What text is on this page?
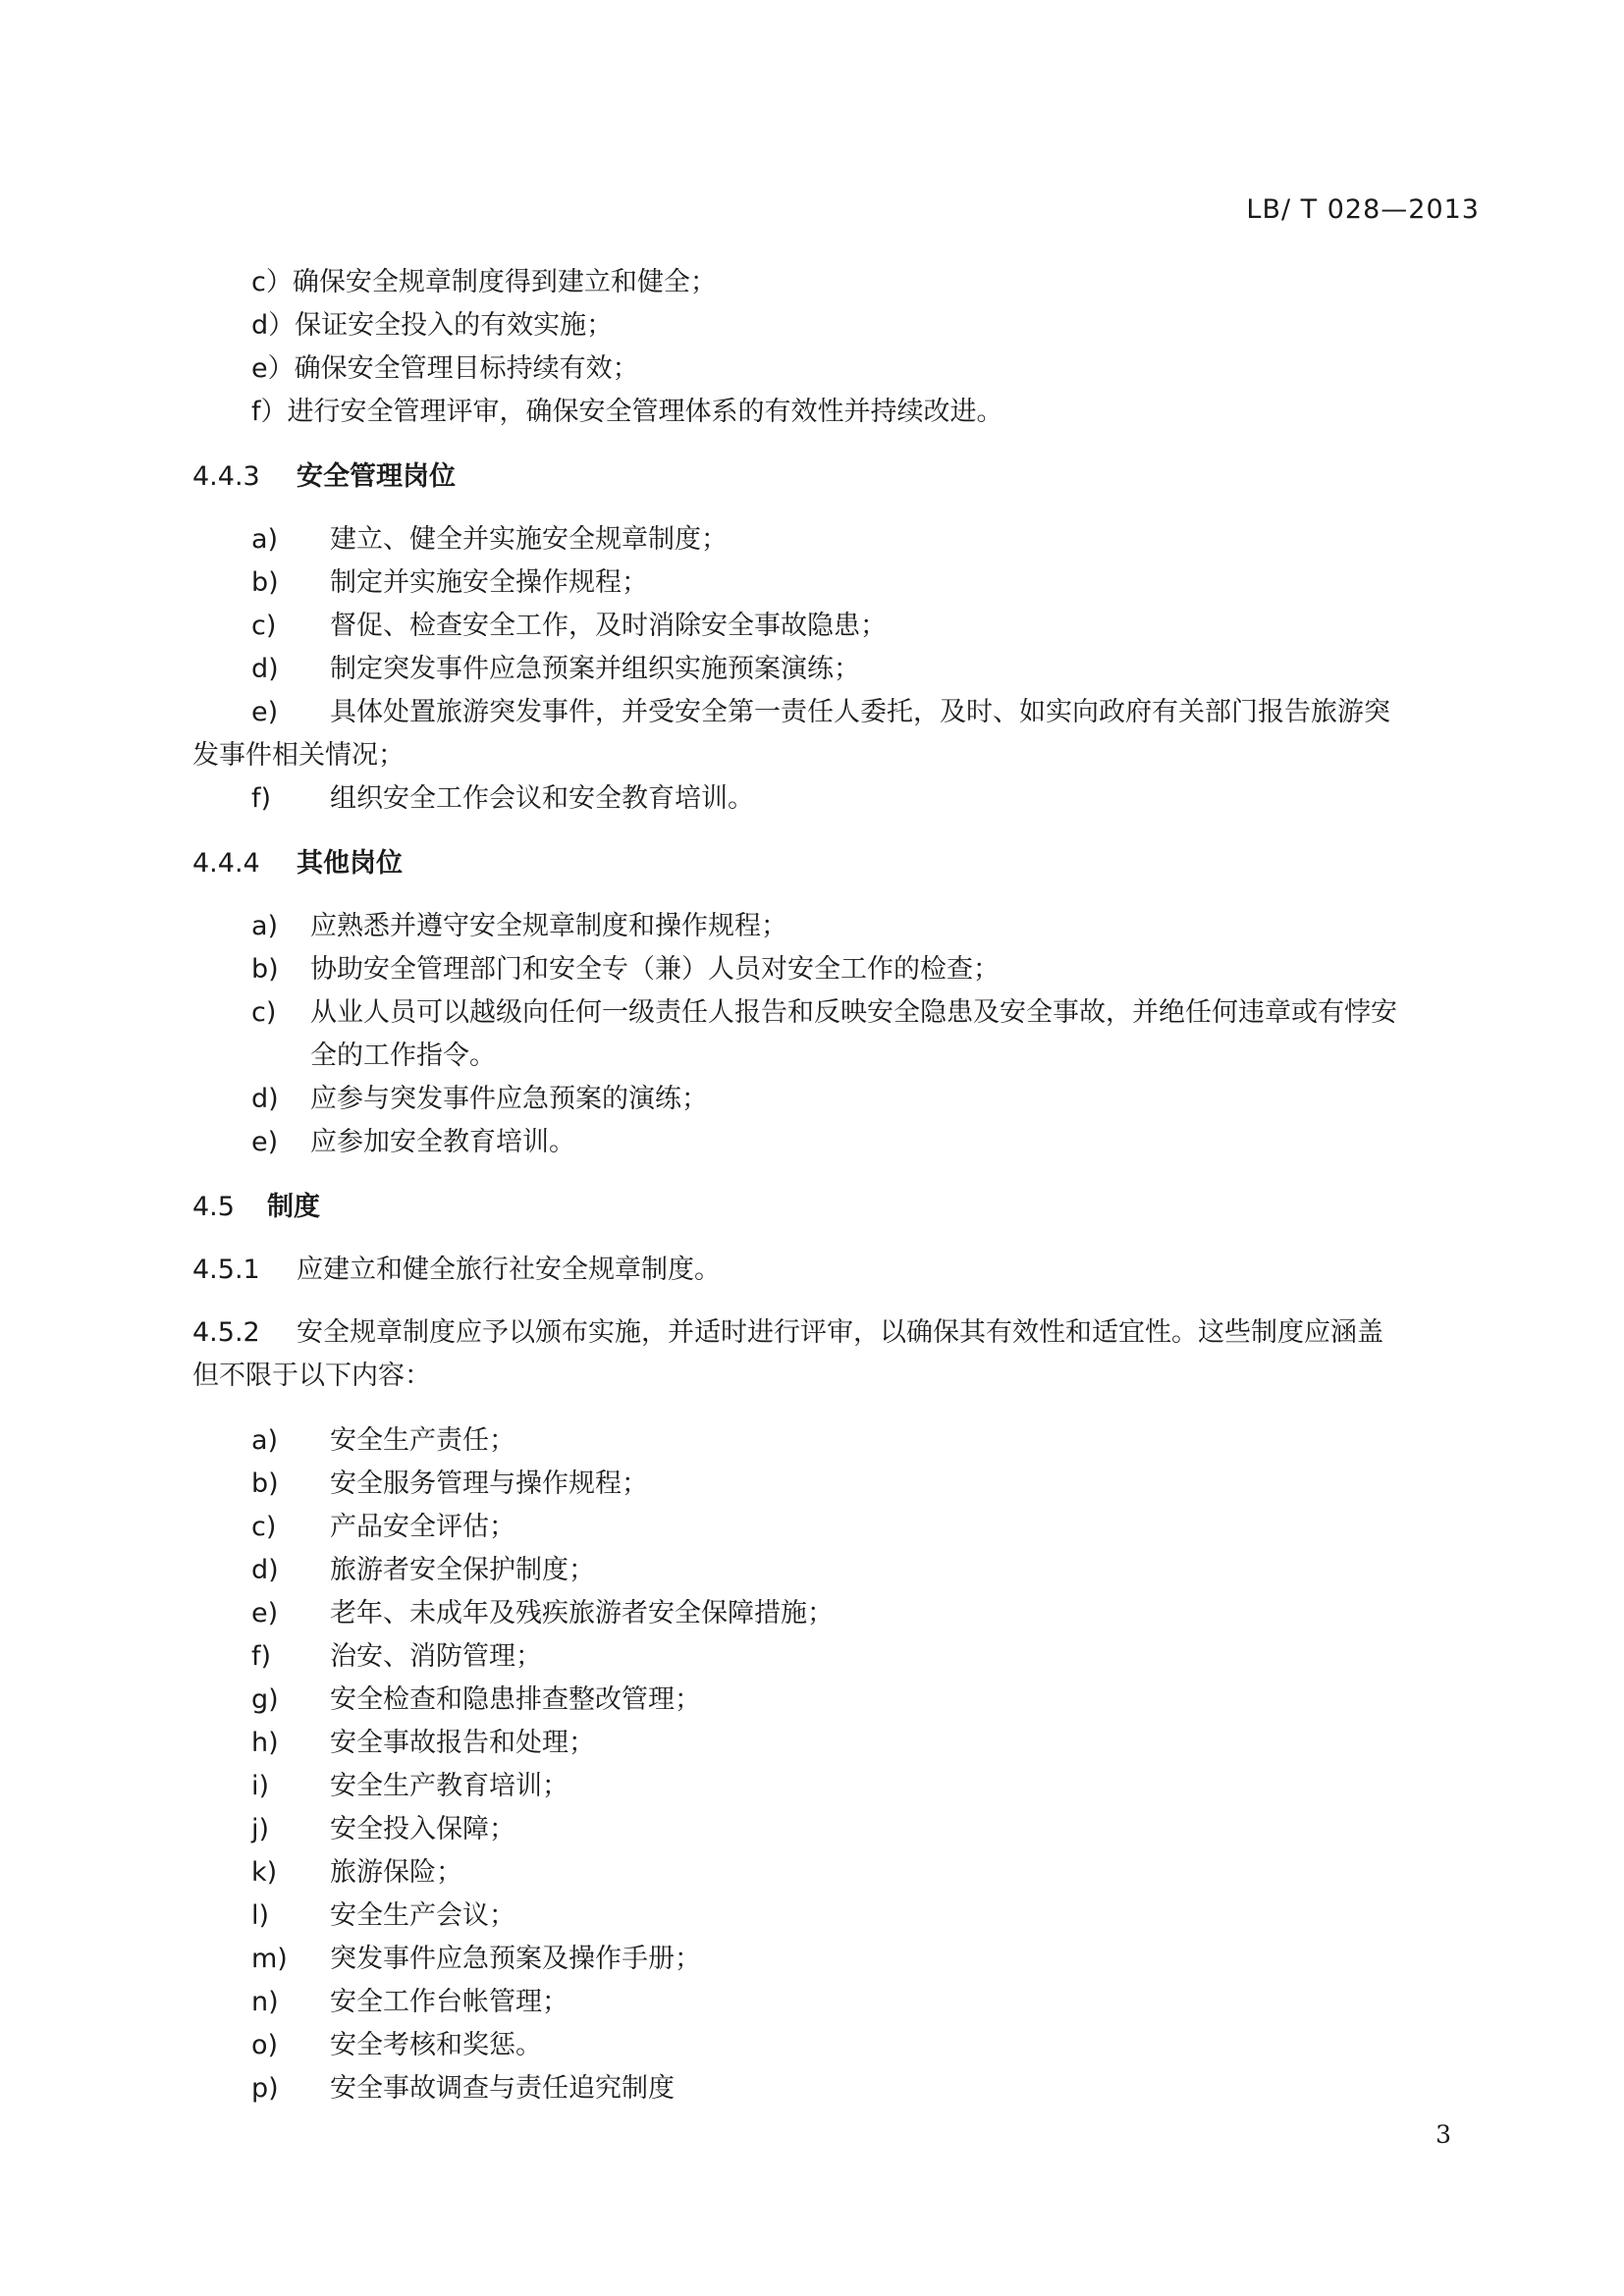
LB/ T 028—2013
c）确保安全规章制度得到建立和健全；
d）保证安全投入的有效实施；
e）确保安全管理目标持续有效；
f）进行安全管理评审，确保安全管理体系的有效性并持续改进。
4.4.3 安全管理岗位
a) 建立、健全并实施安全规章制度；
b) 制定并实施安全操作规程；
c) 督促、检查安全工作，及时消除安全事故隐患；
d) 制定突发事件应急预案并组织实施预案演练；
e) 具体处置旅游突发事件，并受安全第一责任人委托，及时、如实向政府有关部门报告旅游突
发事件相关情况；
f) 组织安全工作会议和安全教育培训。
4.4.4 其他岗位
a) 应熟悉并遵守安全规章制度和操作规程；
b) 协助安全管理部门和安全专（兼）人员对安全工作的检查；
c) 从业人员可以越级向任何一级责任人报告和反映安全隐患及安全事故，并绝任何违章或有悖安
全的工作指令。
d) 应参与突发事件应急预案的演练；
e) 应参加安全教育培训。
4.5 制度
4.5.1 应建立和健全旅行社安全规章制度。
4.5.2 安全规章制度应予以颁布实施，并适时进行评审，以确保其有效性和适宜性。这些制度应涵盖
但不限于以下内容：
a) 安全生产责任；
b) 安全服务管理与操作规程；
c) 产品安全评估；
d) 旅游者安全保护制度；
e) 老年、未成年及残疾旅游者安全保障措施；
f) 治安、消防管理；
g) 安全检查和隐患排查整改管理；
h) 安全事故报告和处理；
i) 安全生产教育培训；
j) 安全投入保障；
k) 旅游保险；
l) 安全生产会议；
m) 突发事件应急预案及操作手册；
n) 安全工作台帐管理；
o) 安全考核和奖惩。
p) 安全事故调查与责任追究制度
3
